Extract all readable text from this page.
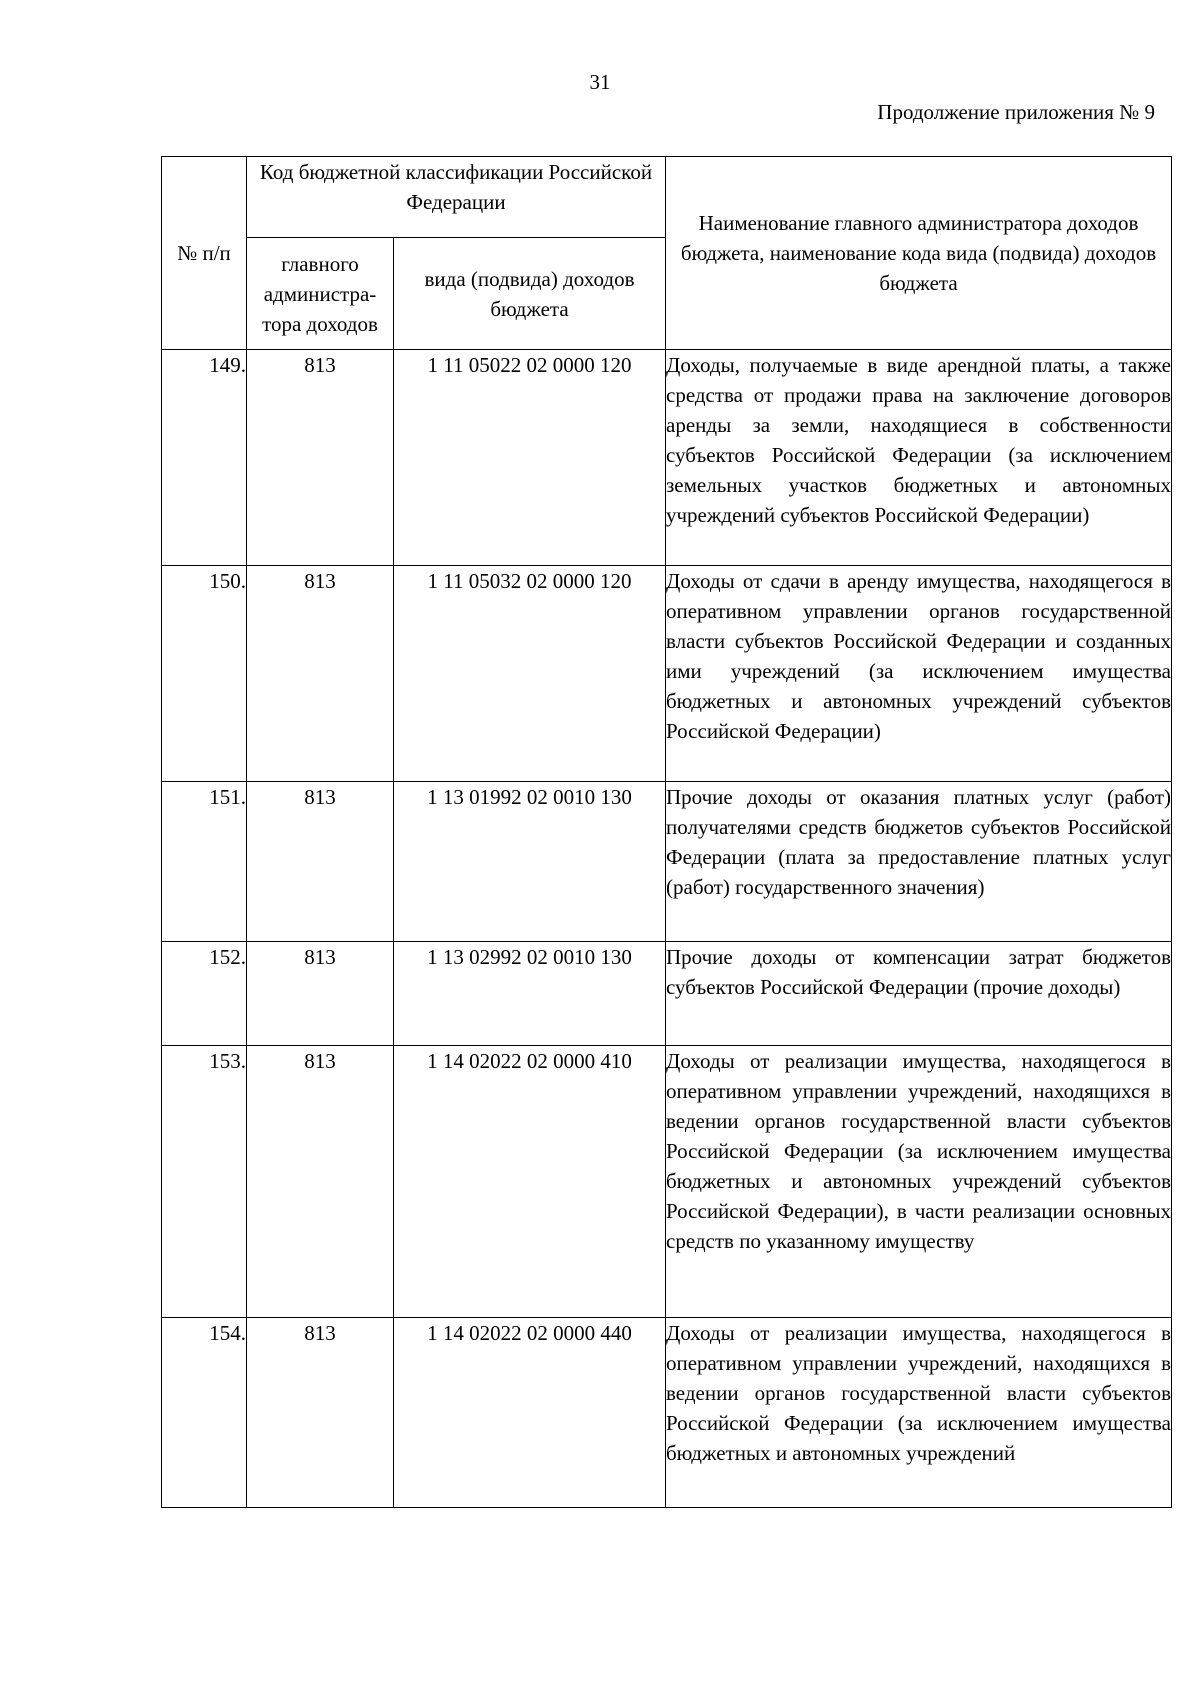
31
Продолжение приложения № 9
№ п/п	Код бюджетной классификации Российской Федерации		Наименование главного администратора доходов бюджета, наименование кода вида (подвида) доходов бюджета
	главного администра-тора доходов	вида (подвида) доходов бюджета	
149.	813	1 11 05022 02 0000 120	Доходы, получаемые в виде арендной платы, а также средства от продажи права на заключение договоров аренды за земли, находящиеся в собственности субъектов Российской Федерации (за исключением земельных участков бюджетных и автономных учреждений субъектов Российской Федерации)
150.	813	1 11 05032 02 0000 120	Доходы от сдачи в аренду имущества, находящегося в оперативном управлении органов государственной власти субъектов Российской Федерации и созданных ими учреждений (за исключением имущества бюджетных и автономных учреждений субъектов Российской Федерации)
151.	813	1 13 01992 02 0010 130	Прочие доходы от оказания платных услуг (работ) получателями средств бюджетов субъектов Российской Федерации (плата за предоставление платных услуг (работ) государственного значения)
152.	813	1 13 02992 02 0010 130	Прочие доходы от компенсации затрат бюджетов субъектов Российской Федерации (прочие доходы)
153.	813	1 14 02022 02 0000 410	Доходы от реализации имущества, находящегося в оперативном управлении учреждений, находящихся в ведении органов государственной власти субъектов Российской Федерации (за исключением имущества бюджетных и автономных учреждений субъектов Российской Федерации), в части реализации основных средств по указанному имуществу
154.	813	1 14 02022 02 0000 440	Доходы от реализации имущества, находящегося в оперативном управлении учреждений, находящихся в ведении органов государственной власти субъектов Российской Федерации (за исключением имущества бюджетных и автономных учреждений
